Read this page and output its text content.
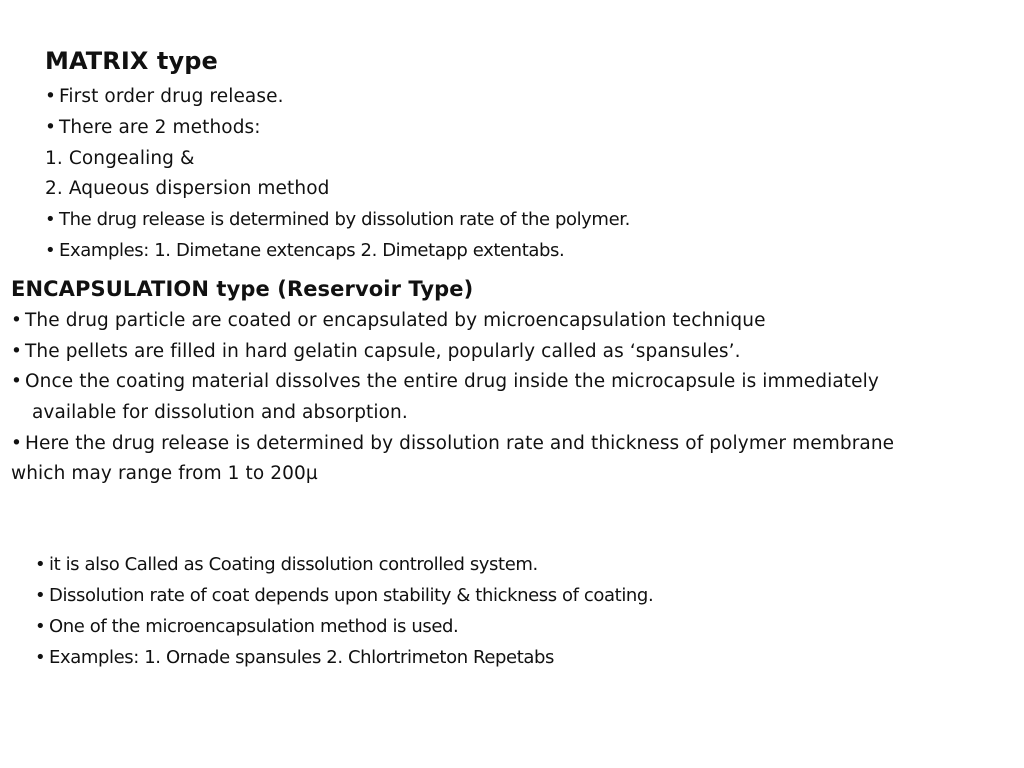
MATRIX type
• First order drug release.
• There are 2 methods:
1. Congealing &
2. Aqueous dispersion method
• The drug release is determined by dissolution rate of the polymer.
• Examples: 1. Dimetane extencaps 2. Dimetapp extentabs.
ENCAPSULATION type (Reservoir Type)
• The drug particle are coated or encapsulated by microencapsulation technique
• The pellets are filled in hard gelatin capsule, popularly called as ‘spansules’.
• Once the coating material dissolves the entire drug inside the microcapsule is immediately
available for dissolution and absorption.
• Here the drug release is determined by dissolution rate and thickness of polymer membrane
which may range from 1 to 200µ
• it is also Called as Coating dissolution controlled system.
• Dissolution rate of coat depends upon stability & thickness of coating.
• One of the microencapsulation method is used.
• Examples: 1. Ornade spansules 2. Chlortrimeton Repetabs
